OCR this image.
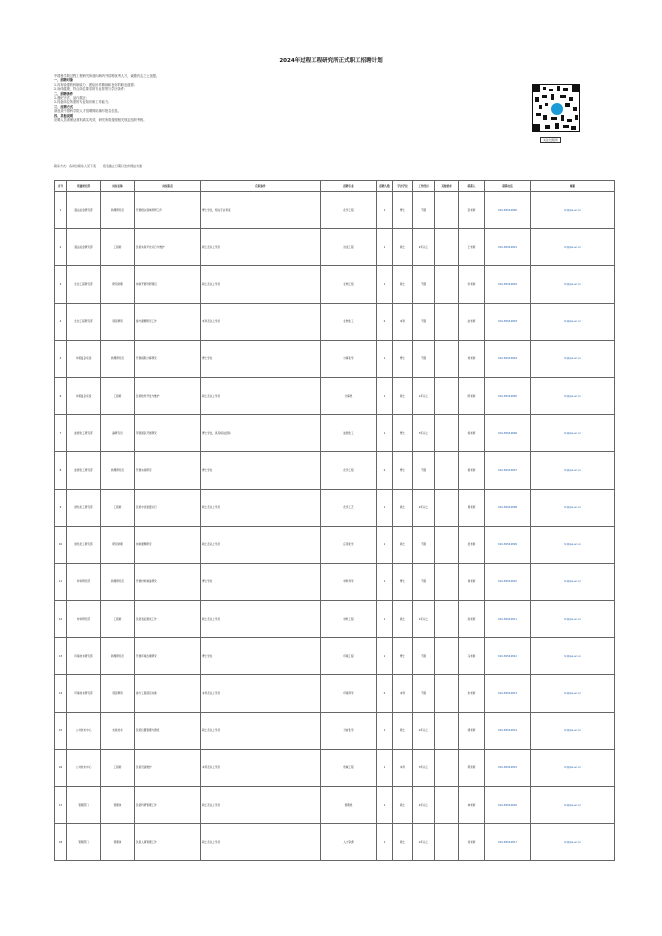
2024年过程工程研究所正式职工招聘计划

中国科学院过程工程研究所面向海内外招聘优秀人才，诚邀有志之士加盟。

一、招聘对象

1.具有较强的科研能力、团队协作精神和良好的职业道德；

2.身体健康，符合岗位要求的专业背景与学历条件；

二、招聘条件

1.遵纪守法，品行端正；

2.具备岗位所需的专业知识和工作能力；

三、应聘方式

请登录中国科学院人才招聘网站填写报名信息。

四、其他说明

应聘人员须保证材料真实有效，研究所将按照相关规定组织考核。

关注过程所
联系方式：各岗位联系人见下表 报名截止日期以发布网站为准
序号	所属研究部	岗位名称	岗位职责	任职条件	招聘专业	招聘人数	学历学位	工作经历	其他要求	联系人	联系电话	邮箱
1	湿法冶金研究部	助理研究员	开展相关领域科研工作	博士学位，相关专业背景	化学工程	1	博士	不限		张老师	010-82544800	hr@ipe.ac.cn
2	湿法冶金研究部	工程师	负责实验平台运行与维护	硕士及以上学历	冶金工程	1	硕士	2年以上		王老师	010-82544801	hr@ipe.ac.cn
3	生化工程研究部	研究助理	协助开展科研项目	硕士及以上学历	生物工程	1	硕士	不限		李老师	010-82544802	hr@ipe.ac.cn
4	生化工程研究部	项目聘用	参与课题研究工作	本科及以上学历	生物化工	2	本科	不限		赵老师	010-82544803	hr@ipe.ac.cn
5	多相复杂系统	助理研究员	开展模拟计算研究	博士学位	计算化学	1	博士	不限		刘老师	010-82544804	hr@ipe.ac.cn
6	多相复杂系统	工程师	负责软件开发与维护	硕士及以上学历	计算机	1	硕士	1年以上		陈老师	010-82544805	hr@ipe.ac.cn
7	能源化工研究部	副研究员	带领团队开展研究	博士学位，具有相关经验	能源化工	1	博士	3年以上		杨老师	010-82544806	hr@ipe.ac.cn
8	能源化工研究部	助理研究员	开展实验研究	博士学位	化学工程	2	博士	不限		黄老师	010-82544807	hr@ipe.ac.cn
9	绿色化工研究部	工程师	负责中试装置运行	硕士及以上学历	化学工艺	1	硕士	2年以上		周老师	010-82544808	hr@ipe.ac.cn
10	绿色化工研究部	研究助理	协助课题研究	硕士及以上学历	应用化学	1	硕士	不限		吴老师	010-82544809	hr@ipe.ac.cn
11	材料研究部	助理研究员	开展材料制备研究	博士学位	材料科学	1	博士	不限		徐老师	010-82544810	hr@ipe.ac.cn
12	材料研究部	工程师	负责表征测试工作	硕士及以上学历	材料工程	1	硕士	1年以上		孙老师	010-82544811	hr@ipe.ac.cn
13	环境技术研究部	助理研究员	开展环境治理研究	博士学位	环境工程	1	博士	不限		马老师	010-82544812	hr@ipe.ac.cn
14	环境技术研究部	项目聘用	参与工程项目实施	本科及以上学历	环境科学	2	本科	不限		朱老师	010-82544813	hr@ipe.ac.cn
15	公共技术中心	实验技术	负责仪器管理与测试	硕士及以上学历	分析化学	1	硕士	2年以上		胡老师	010-82544814	hr@ipe.ac.cn
16	公共技术中心	工程师	负责设备维护	本科及以上学历	机械工程	1	本科	3年以上		郭老师	010-82544815	hr@ipe.ac.cn
17	管理部门	管理岗	负责科研管理工作	硕士及以上学历	管理类	1	硕士	2年以上		林老师	010-82544816	hr@ipe.ac.cn
18	管理部门	管理岗	负责人事管理工作	硕士及以上学历	人力资源	1	硕士	2年以上		何老师	010-82544817	hr@ipe.ac.cn
